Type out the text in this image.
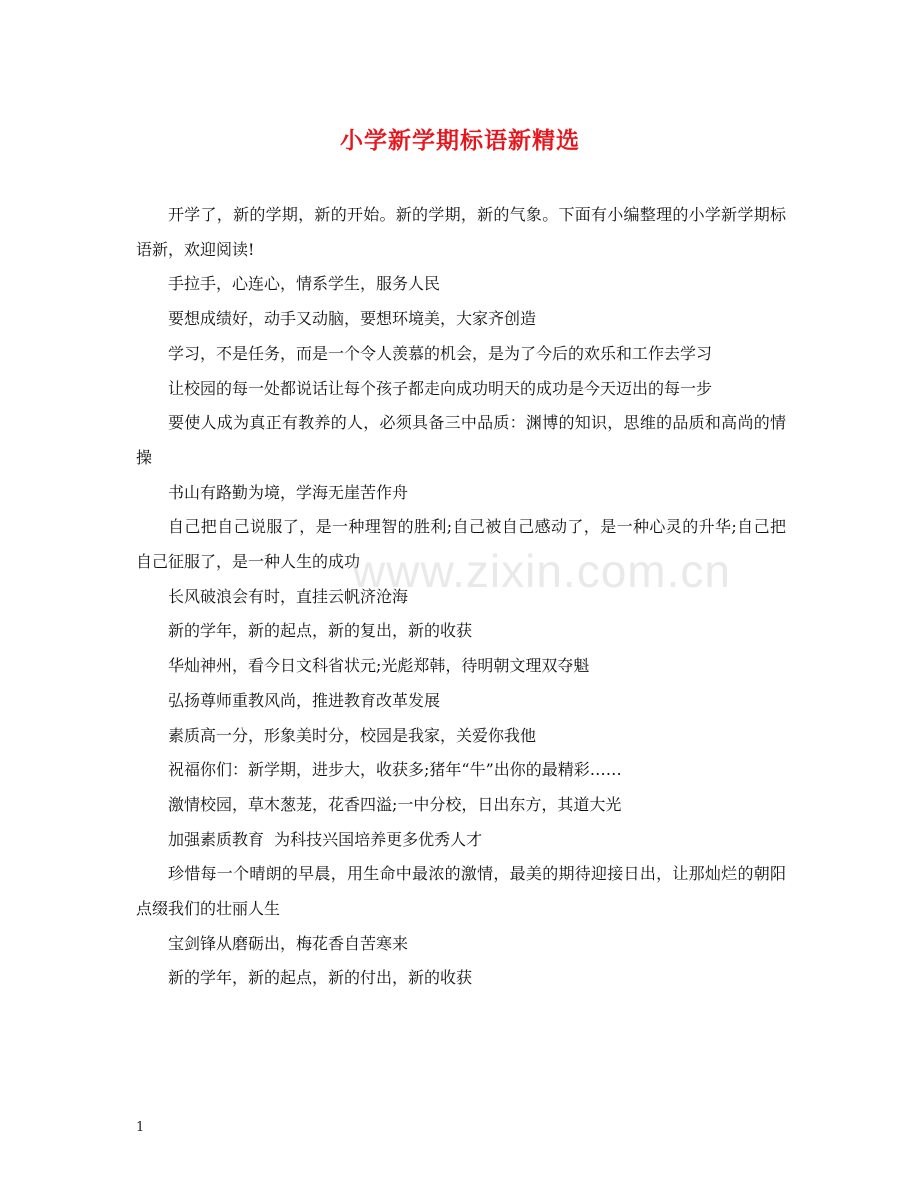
小学新学期标语新精选

开学了，新的学期，新的开始。新的学期，新的气象。下面有小编整理的小学新学期标语新，欢迎阅读!

手拉手，心连心，情系学生，服务人民

要想成绩好，动手又动脑，要想环境美，大家齐创造

学习，不是任务，而是一个令人羡慕的机会，是为了今后的欢乐和工作去学习

让校园的每一处都说话让每个孩子都走向成功明天的成功是今天迈出的每一步

要使人成为真正有教养的人，必须具备三中品质：渊博的知识，思维的品质和高尚的情操

书山有路勤为境，学海无崖苦作舟

自己把自己说服了，是一种理智的胜利;自己被自己感动了，是一种心灵的升华;自己把自己征服了，是一种人生的成功

长风破浪会有时，直挂云帆济沧海

新的学年，新的起点，新的复出，新的收获

华灿神州，看今日文科省状元;光彪郑韩，待明朝文理双夺魁

弘扬尊师重教风尚，推进教育改革发展

素质高一分，形象美时分，校园是我家，关爱你我他

祝福你们：新学期，进步大，收获多;猪年“牛”出你的最精彩……

激情校园，草木葱茏，花香四溢;一中分校，日出东方，其道大光

加强素质教育  为科技兴国培养更多优秀人才

珍惜每一个晴朗的早晨，用生命中最浓的激情，最美的期待迎接日出，让那灿烂的朝阳点缀我们的壮丽人生

宝剑锋从磨砺出，梅花香自苦寒来

新的学年，新的起点，新的付出，新的收获

www.zixin.com.cn
1
